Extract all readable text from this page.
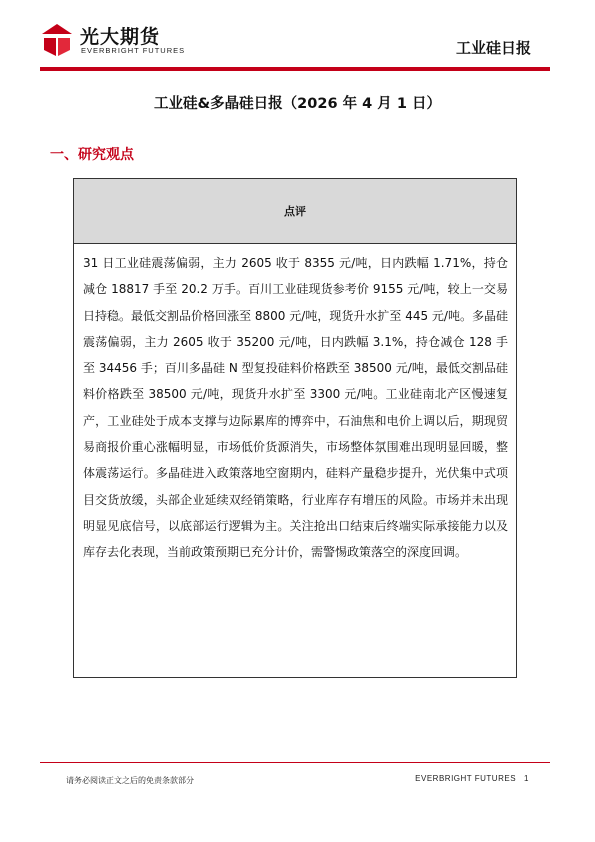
光大期货
EVERBRIGHT FUTURES	工业硅日报
工业硅&多晶硅日报（2026 年 4 月 1 日）
一、研究观点
点评
31 日工业硅震荡偏弱，主力 2605 收于 8355 元/吨，日内跌幅 1.71%，持仓减仓 18817 手至 20.2 万手。百川工业硅现货参考价 9155 元/吨，较上一交易日持稳。最低交割品价格回涨至 8800 元/吨，现货升水扩至 445 元/吨。多晶硅震荡偏弱，主力 2605 收于 35200 元/吨，日内跌幅 3.1%，持仓减仓 128 手至 34456 手；百川多晶硅 N 型复投硅料价格跌至 38500 元/吨，最低交割品硅料价格跌至 38500 元/吨，现货升水扩至 3300 元/吨。工业硅南北产区慢速复产，工业硅处于成本支撑与边际累库的博弈中，石油焦和电价上调以后，期现贸易商报价重心涨幅明显，市场低价货源消失，市场整体氛围难出现明显回暖，整体震荡运行。多晶硅进入政策落地空窗期内，硅料产量稳步提升，光伏集中式项目交货放缓，头部企业延续双经销策略，行业库存有增压的风险。市场并未出现明显见底信号，以底部运行逻辑为主。关注抢出口结束后终端实际承接能力以及库存去化表现，当前政策预期已充分计价，需警惕政策落空的深度回调。
请务必阅读正文之后的免责条款部分	EVERBRIGHT FUTURES 1
